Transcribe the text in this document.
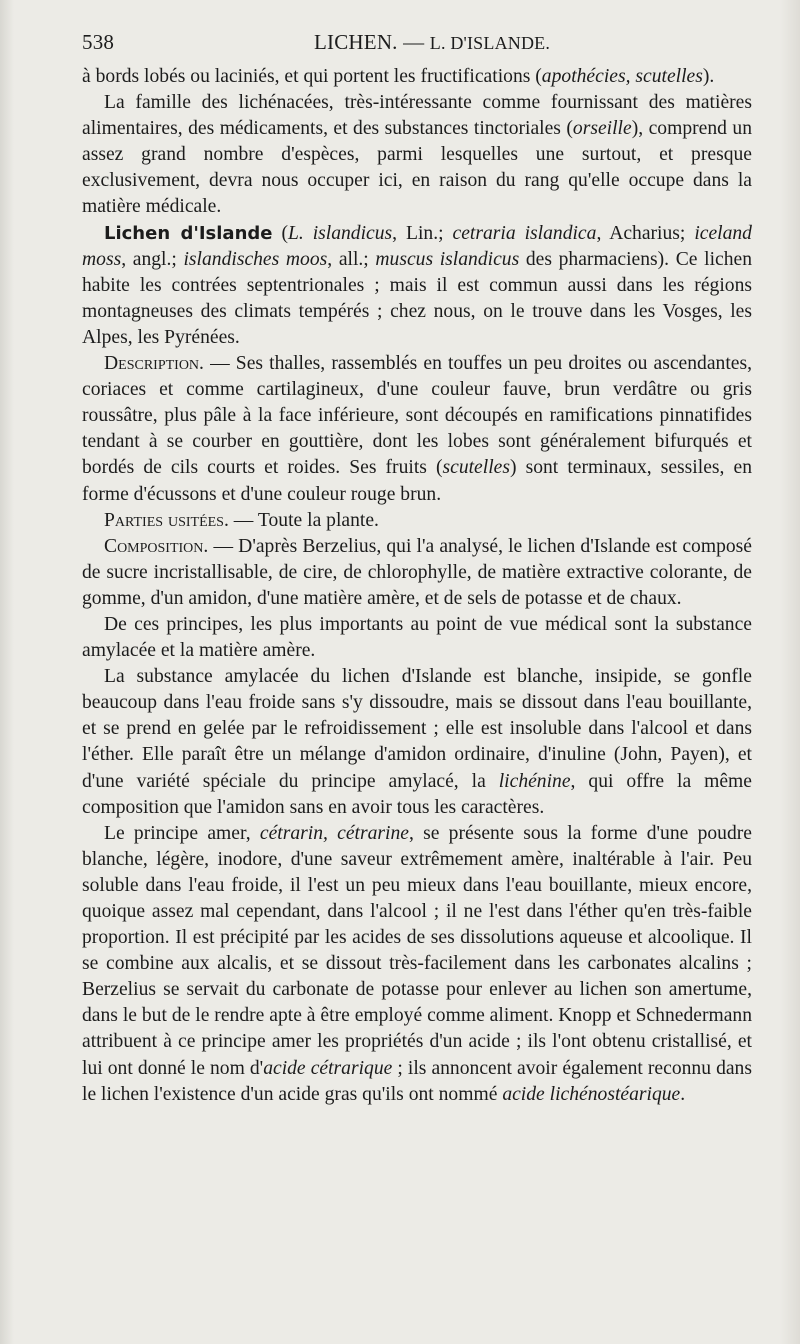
538	LICHEN. — L. D'ISLANDE.

à bords lobés ou laciniés, et qui portent les fructifications (apothécies, scutelles).

La famille des lichénacées, très-intéressante comme fournissant des matières alimentaires, des médicaments, et des substances tinctoriales (orseille), comprend un assez grand nombre d'espèces, parmi lesquelles une surtout, et presque exclusivement, devra nous occuper ici, en raison du rang qu'elle occupe dans la matière médicale.

Lichen d'Islande (L. islandicus, Lin.; cetraria islandica, Acharius; iceland moss, angl.; islandisches moos, all.; muscus islandicus des pharmaciens). Ce lichen habite les contrées septentrionales ; mais il est commun aussi dans les régions montagneuses des climats tempérés ; chez nous, on le trouve dans les Vosges, les Alpes, les Pyrénées.

Description. — Ses thalles, rassemblés en touffes un peu droites ou ascendantes, coriaces et comme cartilagineux, d'une couleur fauve, brun verdâtre ou gris roussâtre, plus pâle à la face inférieure, sont découpés en ramifications pinnatifides tendant à se courber en gouttière, dont les lobes sont généralement bifurqués et bordés de cils courts et roides. Ses fruits (scutelles) sont terminaux, sessiles, en forme d'écussons et d'une couleur rouge brun.

Parties usitées. — Toute la plante.

Composition. — D'après Berzelius, qui l'a analysé, le lichen d'Islande est composé de sucre incristallisable, de cire, de chlorophylle, de matière extractive colorante, de gomme, d'un amidon, d'une matière amère, et de sels de potasse et de chaux.

De ces principes, les plus importants au point de vue médical sont la substance amylacée et la matière amère.

La substance amylacée du lichen d'Islande est blanche, insipide, se gonfle beaucoup dans l'eau froide sans s'y dissoudre, mais se dissout dans l'eau bouillante, et se prend en gelée par le refroidissement ; elle est insoluble dans l'alcool et dans l'éther. Elle paraît être un mélange d'amidon ordinaire, d'inuline (John, Payen), et d'une variété spéciale du principe amylacé, la lichénine, qui offre la même composition que l'amidon sans en avoir tous les caractères.

Le principe amer, cétrarin, cétrarine, se présente sous la forme d'une poudre blanche, légère, inodore, d'une saveur extrêmement amère, inaltérable à l'air. Peu soluble dans l'eau froide, il l'est un peu mieux dans l'eau bouillante, mieux encore, quoique assez mal cependant, dans l'alcool ; il ne l'est dans l'éther qu'en très-faible proportion. Il est précipité par les acides de ses dissolutions aqueuse et alcoolique. Il se combine aux alcalis, et se dissout très-facilement dans les carbonates alcalins ; Berzelius se servait du carbonate de potasse pour enlever au lichen son amertume, dans le but de le rendre apte à être employé comme aliment. Knopp et Schnedermann attribuent à ce principe amer les propriétés d'un acide ; ils l'ont obtenu cristallisé, et lui ont donné le nom d'acide cétrarique ; ils annoncent avoir également reconnu dans le lichen l'existence d'un acide gras qu'ils ont nommé acide lichénostéarique.
